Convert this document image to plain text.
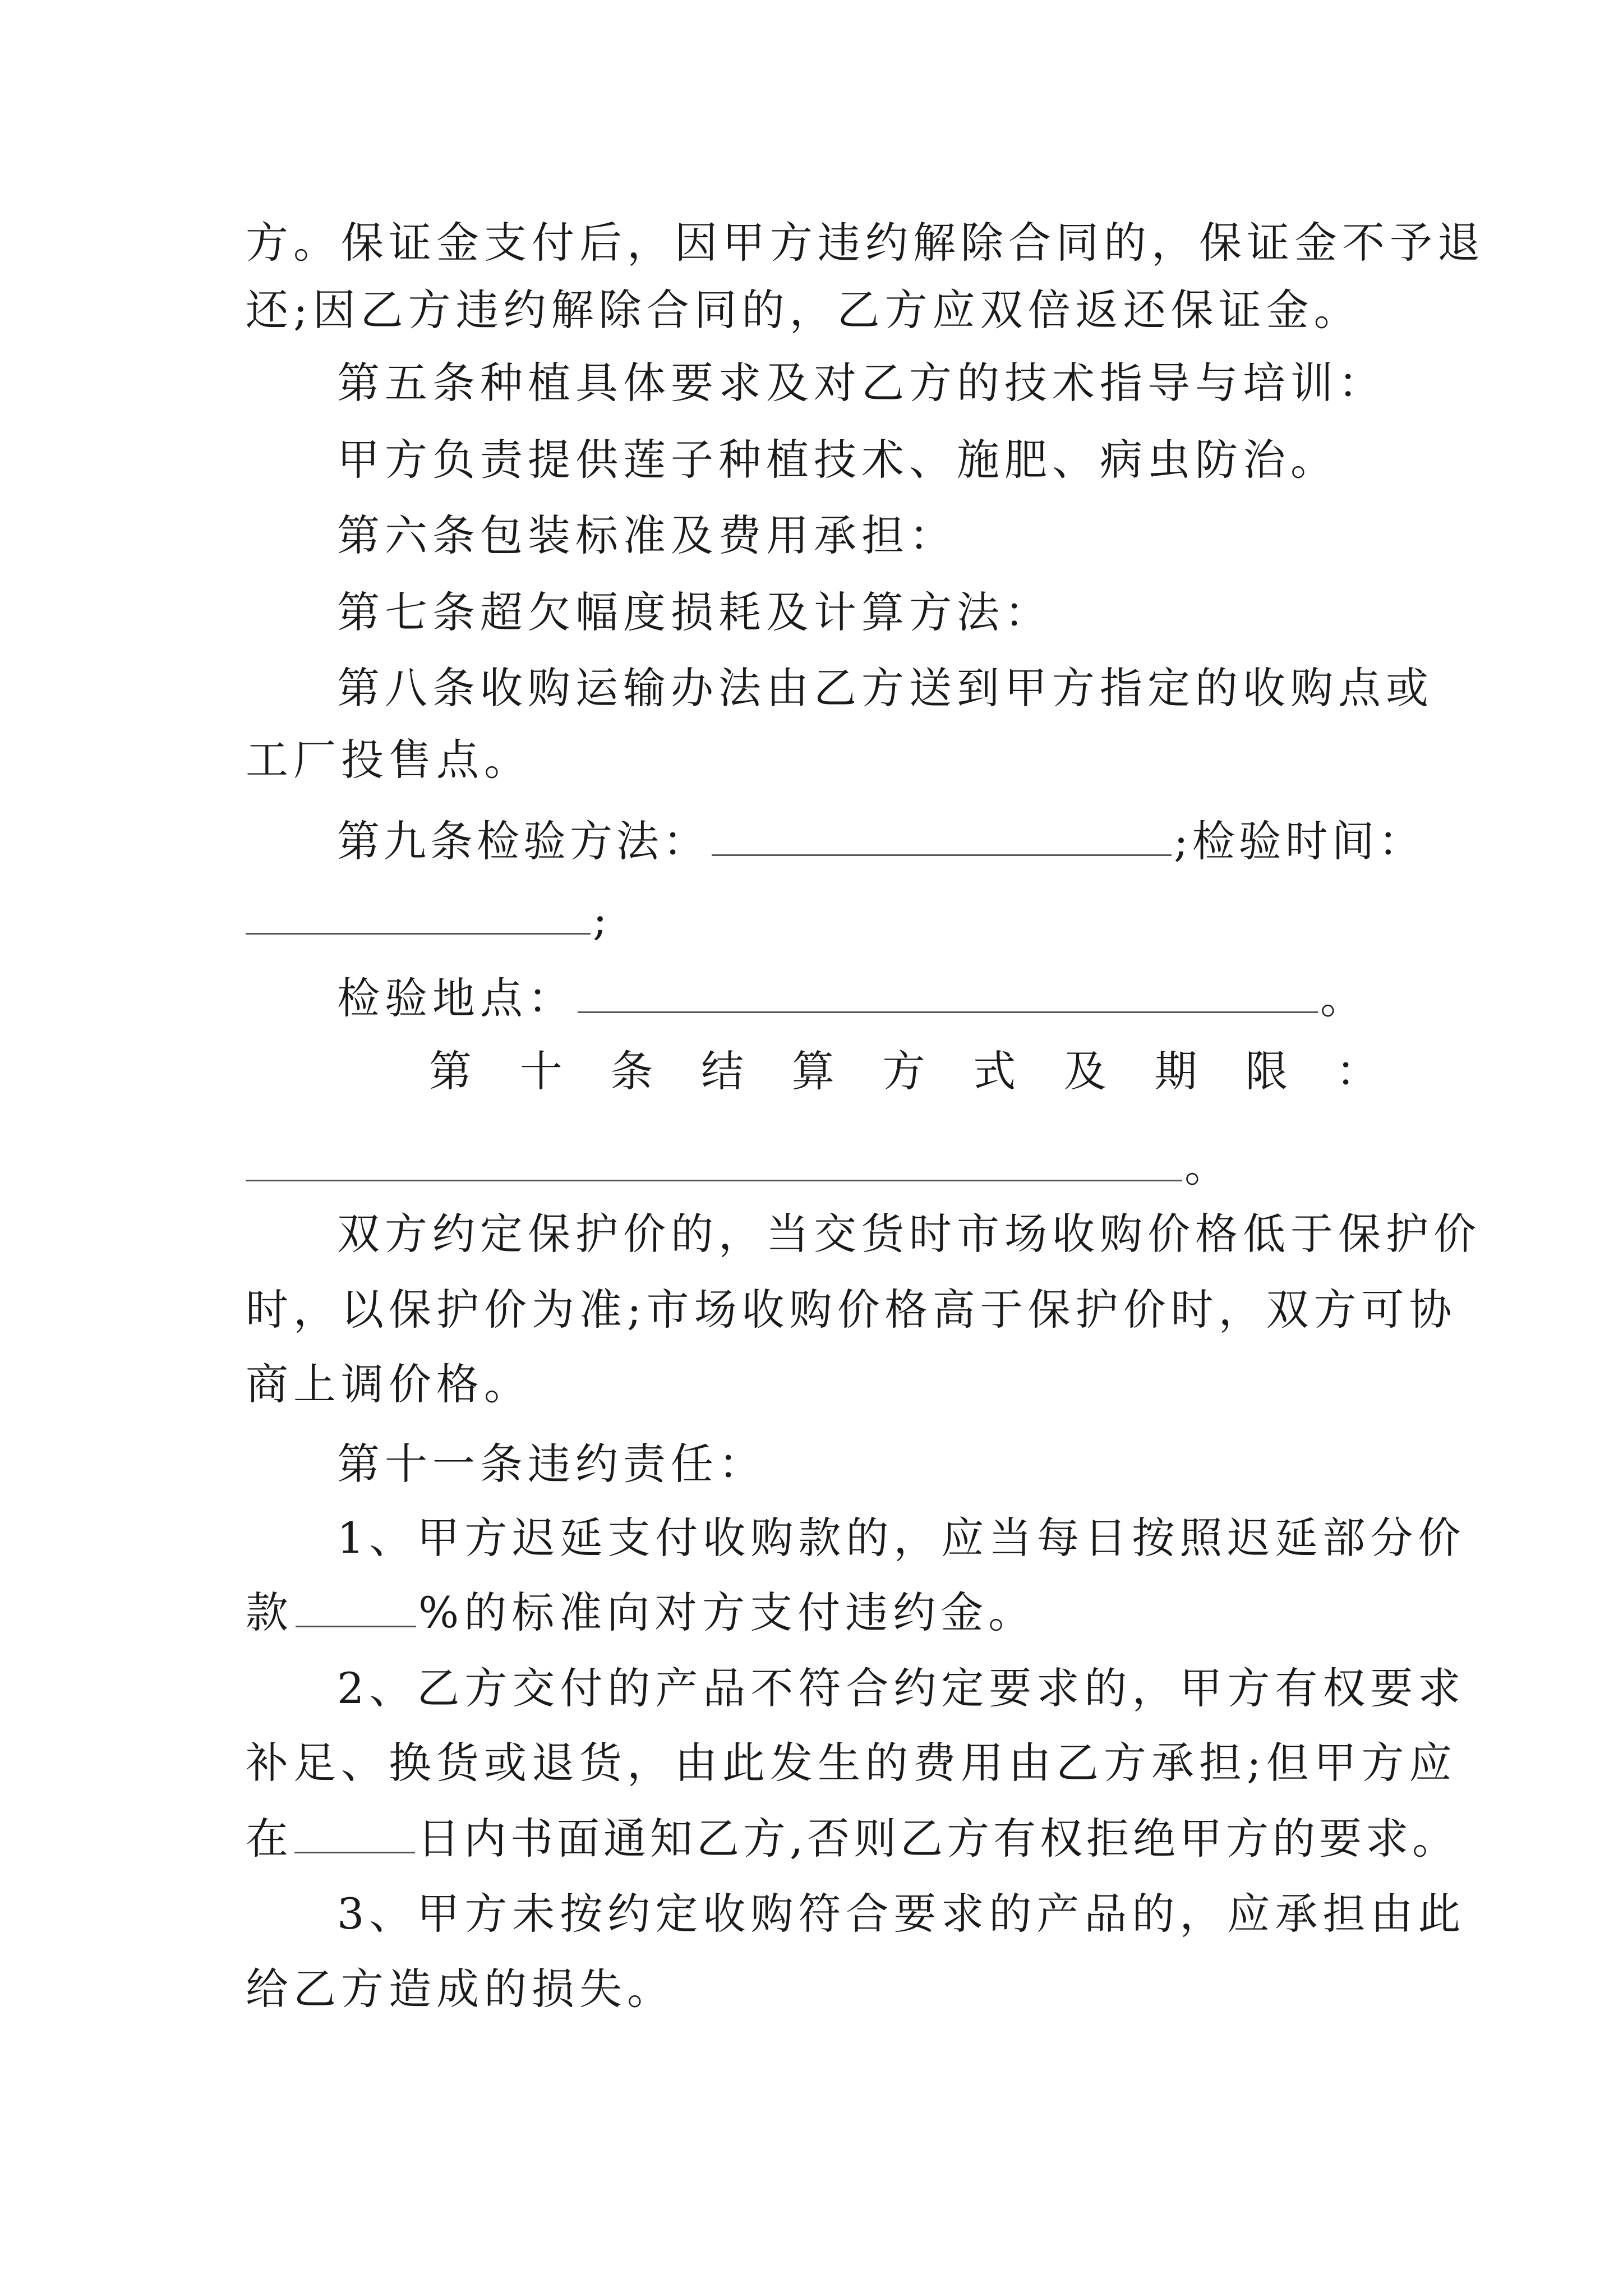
方。保证金支付后，因甲方违约解除合同的，保证金不予退
还;因乙方违约解除合同的，乙方应双倍返还保证金。
第五条种植具体要求及对乙方的技术指导与培训：
甲方负责提供莲子种植技术、施肥、病虫防治。
第六条包装标准及费用承担：
第七条超欠幅度损耗及计算方法：
第八条收购运输办法由乙方送到甲方指定的收购点或
工厂投售点。
第九条检验方法：	;检验时间：
;
检验地点：	。
第 十 条 结 算 方 式 及 期 限 ：
。
双方约定保护价的，当交货时市场收购价格低于保护价
时，以保护价为准;市场收购价格高于保护价时，双方可协
商上调价格。
第十一条违约责任：
1、甲方迟延支付收购款的，应当每日按照迟延部分价
款	%的标准向对方支付违约金。
2、乙方交付的产品不符合约定要求的，甲方有权要求
补足、换货或退货，由此发生的费用由乙方承担;但甲方应
在	日内书面通知乙方,否则乙方有权拒绝甲方的要求。
3、甲方未按约定收购符合要求的产品的，应承担由此
给乙方造成的损失。
